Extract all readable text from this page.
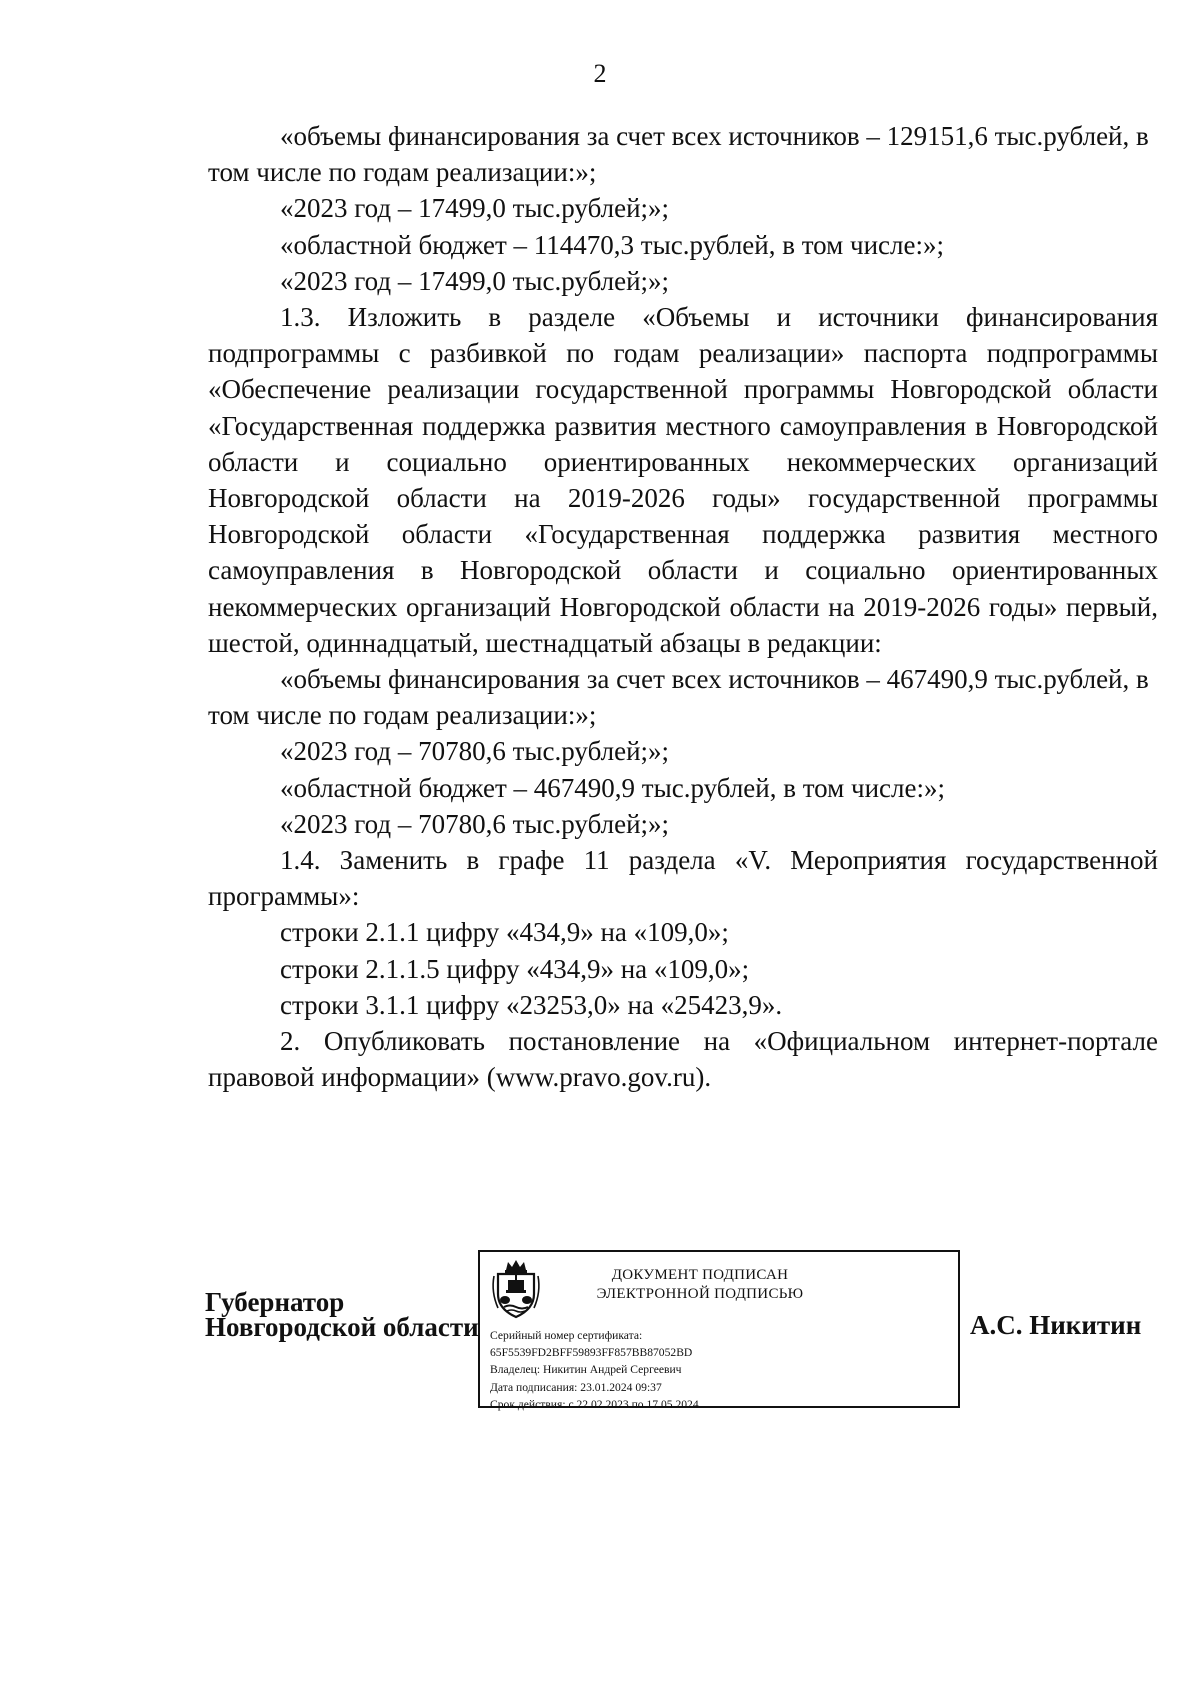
2

«объемы финансирования за счет всех источников – 129151,6 тыс.рублей, в том числе по годам реализации:»;

«2023 год – 17499,0 тыс.рублей;»;

«областной бюджет – 114470,3 тыс.рублей, в том числе:»;

«2023 год – 17499,0 тыс.рублей;»;

1.3. Изложить в разделе «Объемы и источники финансирования подпрограммы с разбивкой по годам реализации» паспорта подпрограммы «Обеспечение реализации государственной программы Новгородской области «Государственная поддержка развития местного самоуправления в Новгородской области и социально ориентированных некоммерческих организаций Новгородской области на 2019-2026 годы» государственной программы Новгородской области «Государственная поддержка развития местного самоуправления в Новгородской области и социально ориентированных некоммерческих организаций Новгородской области на 2019-2026 годы» первый, шестой, одиннадцатый, шестнадцатый абзацы в редакции:

«объемы финансирования за счет всех источников – 467490,9 тыс.рублей, в том числе по годам реализации:»;

«2023 год – 70780,6 тыс.рублей;»;

«областной бюджет – 467490,9 тыс.рублей, в том числе:»;

«2023 год – 70780,6 тыс.рублей;»;

1.4. Заменить в графе 11 раздела «V. Мероприятия государственной программы»:

строки 2.1.1 цифру «434,9» на «109,0»;

строки 2.1.1.5 цифру «434,9» на «109,0»;

строки 3.1.1 цифру «23253,0» на «25423,9».

2. Опубликовать постановление на «Официальном интернет-портале правовой информации» (www.pravo.gov.ru).

Губернатор
Новгородской области
ДОКУМЕНТ ПОДПИСАН
ЭЛЕКТРОННОЙ ПОДПИСЬЮ
Серийный номер сертификата:
65F5539FD2BFF59893FF857BB87052BD
Владелец: Никитин Андрей Сергеевич
Дата подписания: 23.01.2024 09:37
Срок действия: с 22.02.2023 по 17.05.2024
А.С. Никитин
